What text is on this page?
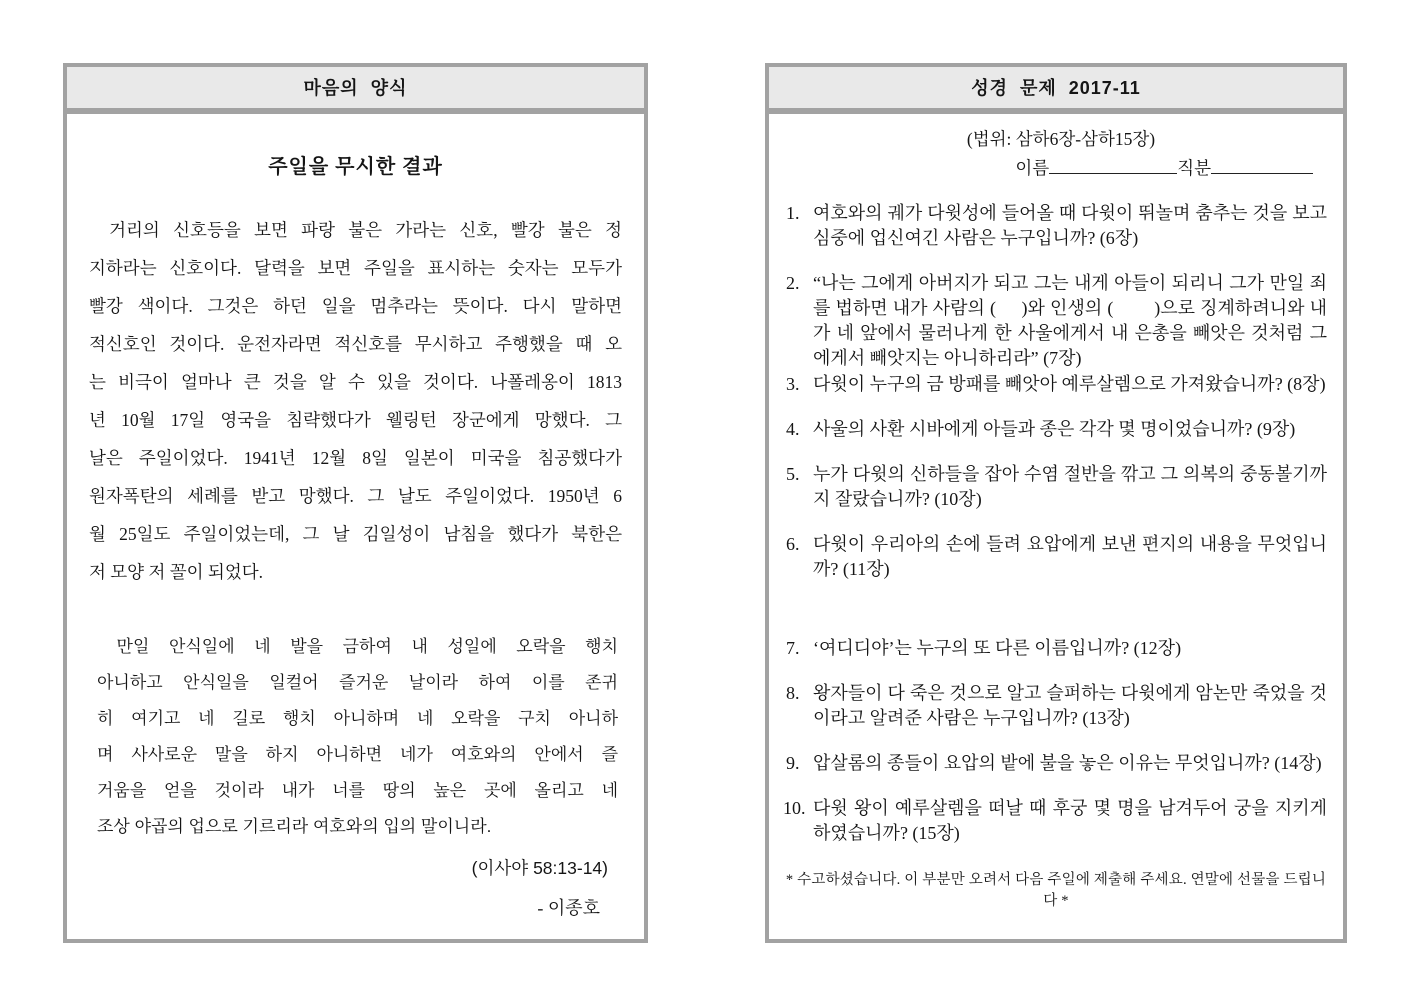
마음의  양식
주일을 무시한 결과
거리의 신호등을 보면 파랑 불은 가라는 신호, 빨강 불은 정
지하라는 신호이다. 달력을 보면 주일을 표시하는 숫자는 모두가
빨강 색이다. 그것은 하던 일을 멈추라는 뜻이다. 다시 말하면
적신호인 것이다. 운전자라면 적신호를 무시하고 주행했을 때 오
는 비극이 얼마나 큰 것을 알 수 있을 것이다. 나폴레옹이 1813
년 10월 17일 영국을 침략했다가 웰링턴 장군에게 망했다. 그
날은 주일이었다. 1941년 12월 8일 일본이 미국을 침공했다가
원자폭탄의 세례를 받고 망했다. 그 날도 주일이었다. 1950년 6
월 25일도 주일이었는데, 그 날 김일성이 남침을 했다가 북한은
저 모양 저 꼴이 되었다.
만일 안식일에 네 발을 금하여 내 성일에 오락을 행치
아니하고 안식일을 일컬어 즐거운 날이라 하여 이를 존귀
히 여기고 네 길로 행치 아니하며 네 오락을 구치 아니하
며 사사로운 말을 하지 아니하면 네가 여호와의 안에서 즐
거움을 얻을 것이라 내가 너를 땅의 높은 곳에 올리고 네
조상 야곱의 업으로 기르리라 여호와의 입의 말이니라.
(이사야 58:13-14)
- 이종호
성경  문제  2017-11
(법위: 삼하6장-삼하15장)
이름	직분
1. 여호와의 궤가 다윗성에 들어올 때 다윗이 뛰놀며 춤추는 것을 보고 심중에 업신여긴 사람은 누구입니까? (6장)
2. “나는 그에게 아버지가 되고 그는 내게 아들이 되리니 그가 만일 죄를 법하면 내가 사람의 (     )와 인생의 (        )으로 징계하려니와 내가 네 앞에서 물러나게 한 사울에게서 내 은총을 빼앗은 것처럼 그에게서 빼앗지는 아니하리라” (7장)
3. 다윗이 누구의 금 방패를 빼앗아 예루살렘으로 가져왔습니까? (8장)
4. 사울의 사환 시바에게 아들과 종은 각각 몇 명이었습니까? (9장)
5. 누가 다윗의 신하들을 잡아 수염 절반을 깎고 그 의복의 중동볼기까지 잘랐습니까? (10장)
6. 다윗이 우리아의 손에 들려 요압에게 보낸 편지의 내용을 무엇입니까? (11장)
7. ‘여디디야’는 누구의 또 다른 이름입니까? (12장)
8. 왕자들이 다 죽은 것으로 알고 슬퍼하는 다윗에게 암논만 죽었을 것이라고 알려준 사람은 누구입니까? (13장)
9. 압살롬의 종들이 요압의 밭에 불을 놓은 이유는 무엇입니까? (14장)
10. 다윗 왕이 예루살렘을 떠날 때 후궁 몇 명을 남겨두어 궁을 지키게 하였습니까? (15장)
* 수고하셨습니다. 이 부분만 오려서 다음 주일에 제출해 주세요. 연말에 선물을 드립니다 *
